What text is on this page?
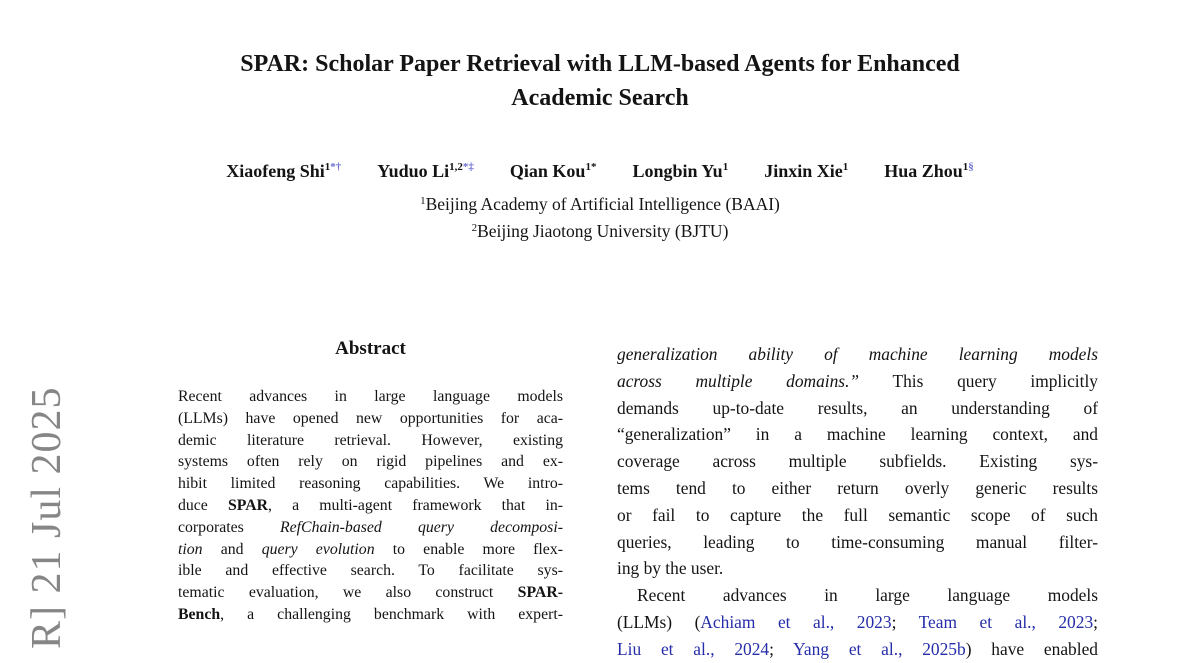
R] 21 Jul 2025
SPAR: Scholar Paper Retrieval with LLM-based Agents for Enhanced
Academic Search
Xiaofeng Shi$^{1*\dagger}$ Yuduo $Li^{1,2*\ddagger}$ Qian Kou$^{1*}$ Longbin Yu$^1$ Jinxin Xie$^1$ Hua Zhou$^{1\S}$
$^1$Beijing Academy of Artificial Intelligence (BAAI)
$^2$Beijing Jiaotong University (BJTU)
Abstract
Recent advances in large language models
(LLMs) have opened new opportunities for aca-
demic literature retrieval. However, existing
systems often rely on rigid pipelines and ex-
hibit limited reasoning capabilities. We intro-
duce SPAR, a multi-agent framework that in-
corporates RefChain-based query decomposi-
tion and query evolution to enable more flex-
ible and effective search. To facilitate sys-
tematic evaluation, we also construct SPAR-
Bench, a challenging benchmark with expert-
generalization ability of machine learning models
across multiple domains.” This query implicitly
demands up-to-date results, an understanding of
“generalization” in a machine learning context, and
coverage across multiple subfields. Existing sys-
tems tend to either return overly generic results
or fail to capture the full semantic scope of such
queries, leading to time-consuming manual filter-
ing by the user.
Recent advances in large language models
(LLMs) (Achiam et al., 2023; Team et al., 2023;
Liu et al., 2024; Yang et al., 2025b) have enabled
